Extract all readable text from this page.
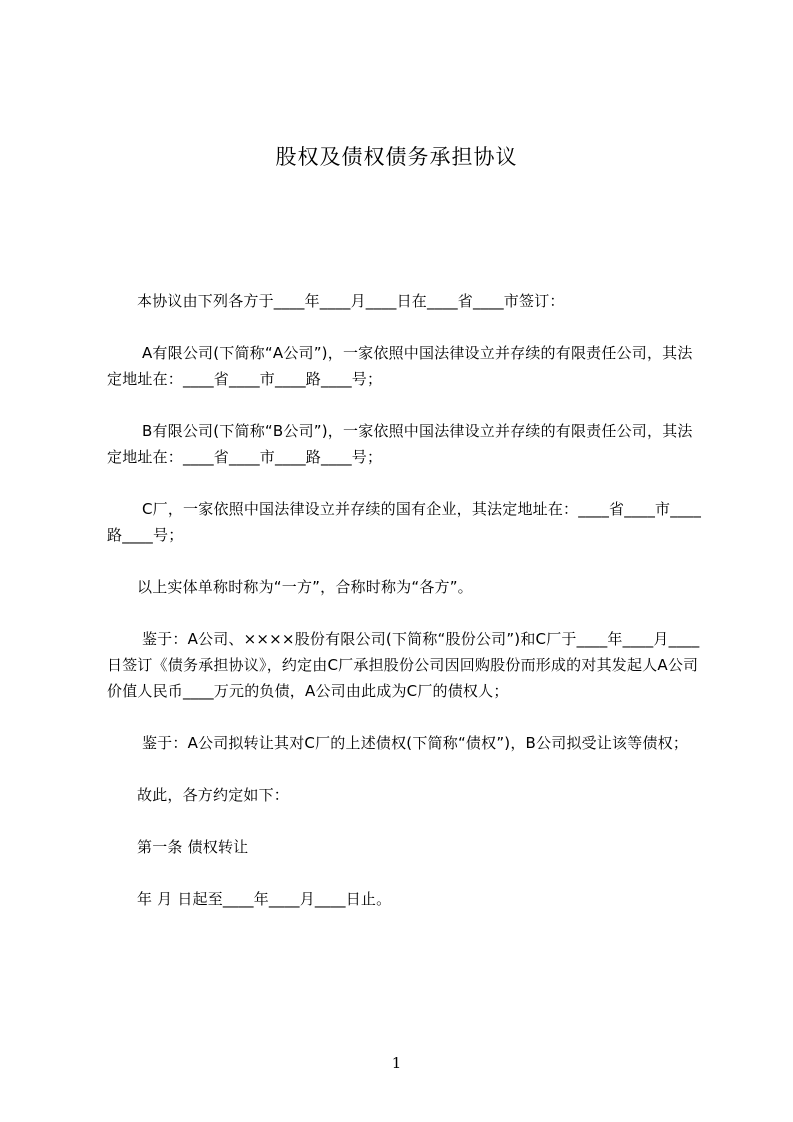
股权及债权债务承担协议

本协议由下列各方于____年____月____日在____省____市签订：

A有限公司(下简称“A公司”)，一家依照中国法律设立并存续的有限责任公司，其法定地址在：____省____市____路____号；

B有限公司(下简称“B公司”)，一家依照中国法律设立并存续的有限责任公司，其法定地址在：____省____市____路____号；

C厂，一家依照中国法律设立并存续的国有企业，其法定地址在：____省____市____路____号；

以上实体单称时称为“一方”，合称时称为“各方”。

鉴于：A公司、××××股份有限公司(下简称“股份公司”)和C厂于____年____月____日签订《债务承担协议》，约定由C厂承担股份公司因回购股份而形成的对其发起人A公司价值人民币____万元的负债，A公司由此成为C厂的债权人；

鉴于：A公司拟转让其对C厂的上述债权(下简称“债权”)，B公司拟受让该等债权；

故此，各方约定如下：

第一条 债权转让

年 月 日起至____年____月____日止。

1
